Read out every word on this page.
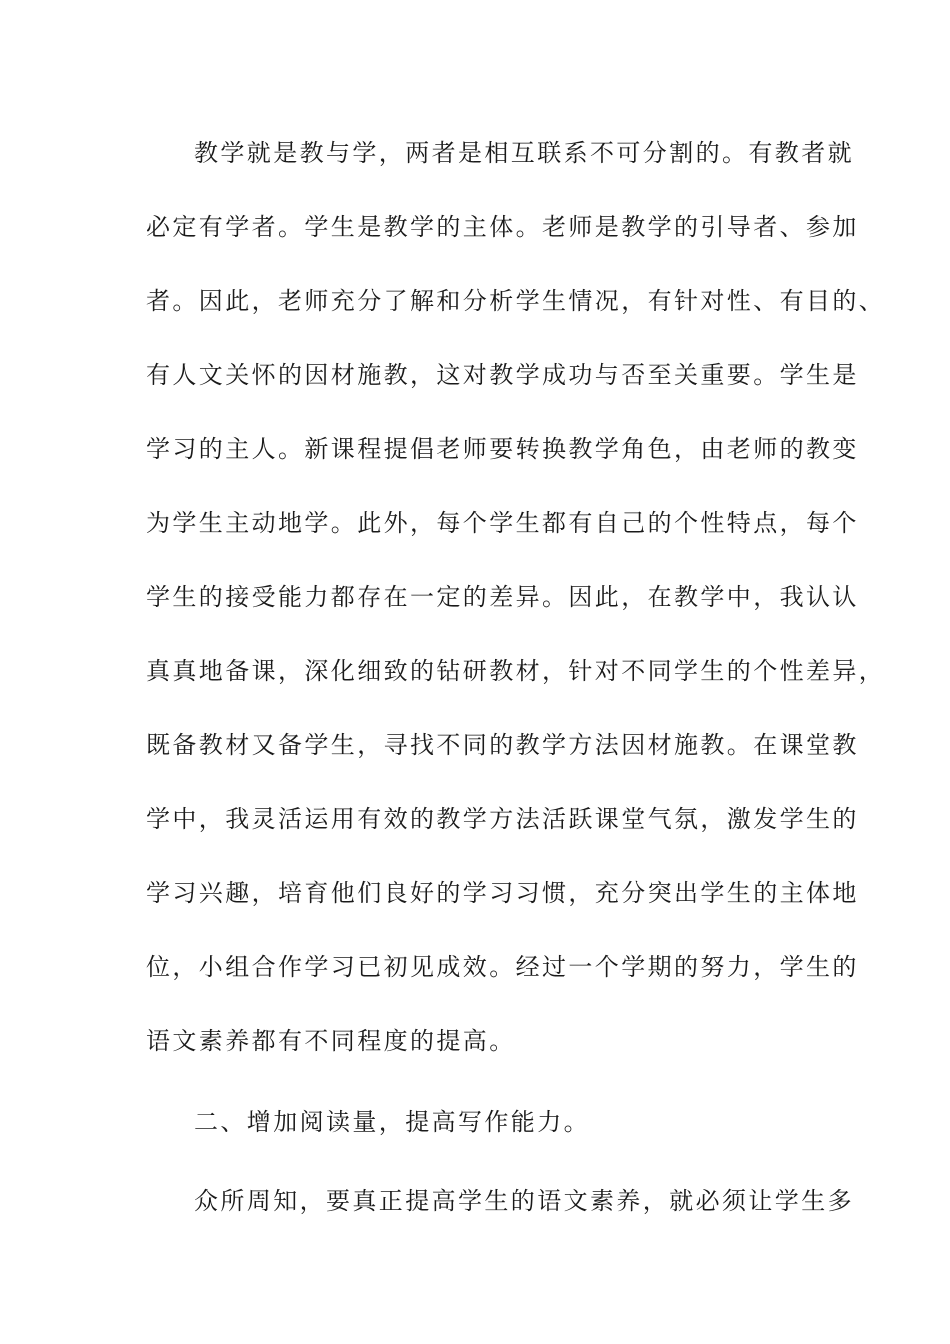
教学就是教与学，两者是相互联系不可分割的。有教者就
必定有学者。学生是教学的主体。老师是教学的引导者、参加
者。因此，老师充分了解和分析学生情况，有针对性、有目的、
有人文关怀的因材施教，这对教学成功与否至关重要。学生是
学习的主人。新课程提倡老师要转换教学角色，由老师的教变
为学生主动地学。此外，每个学生都有自己的个性特点，每个
学生的接受能力都存在一定的差异。因此，在教学中，我认认
真真地备课，深化细致的钻研教材，针对不同学生的个性差异，
既备教材又备学生，寻找不同的教学方法因材施教。在课堂教
学中，我灵活运用有效的教学方法活跃课堂气氛，激发学生的
学习兴趣，培育他们良好的学习习惯，充分突出学生的主体地
位，小组合作学习已初见成效。经过一个学期的努力，学生的
语文素养都有不同程度的提高。
二、增加阅读量，提高写作能力。
众所周知，要真正提高学生的语文素养，就必须让学生多
